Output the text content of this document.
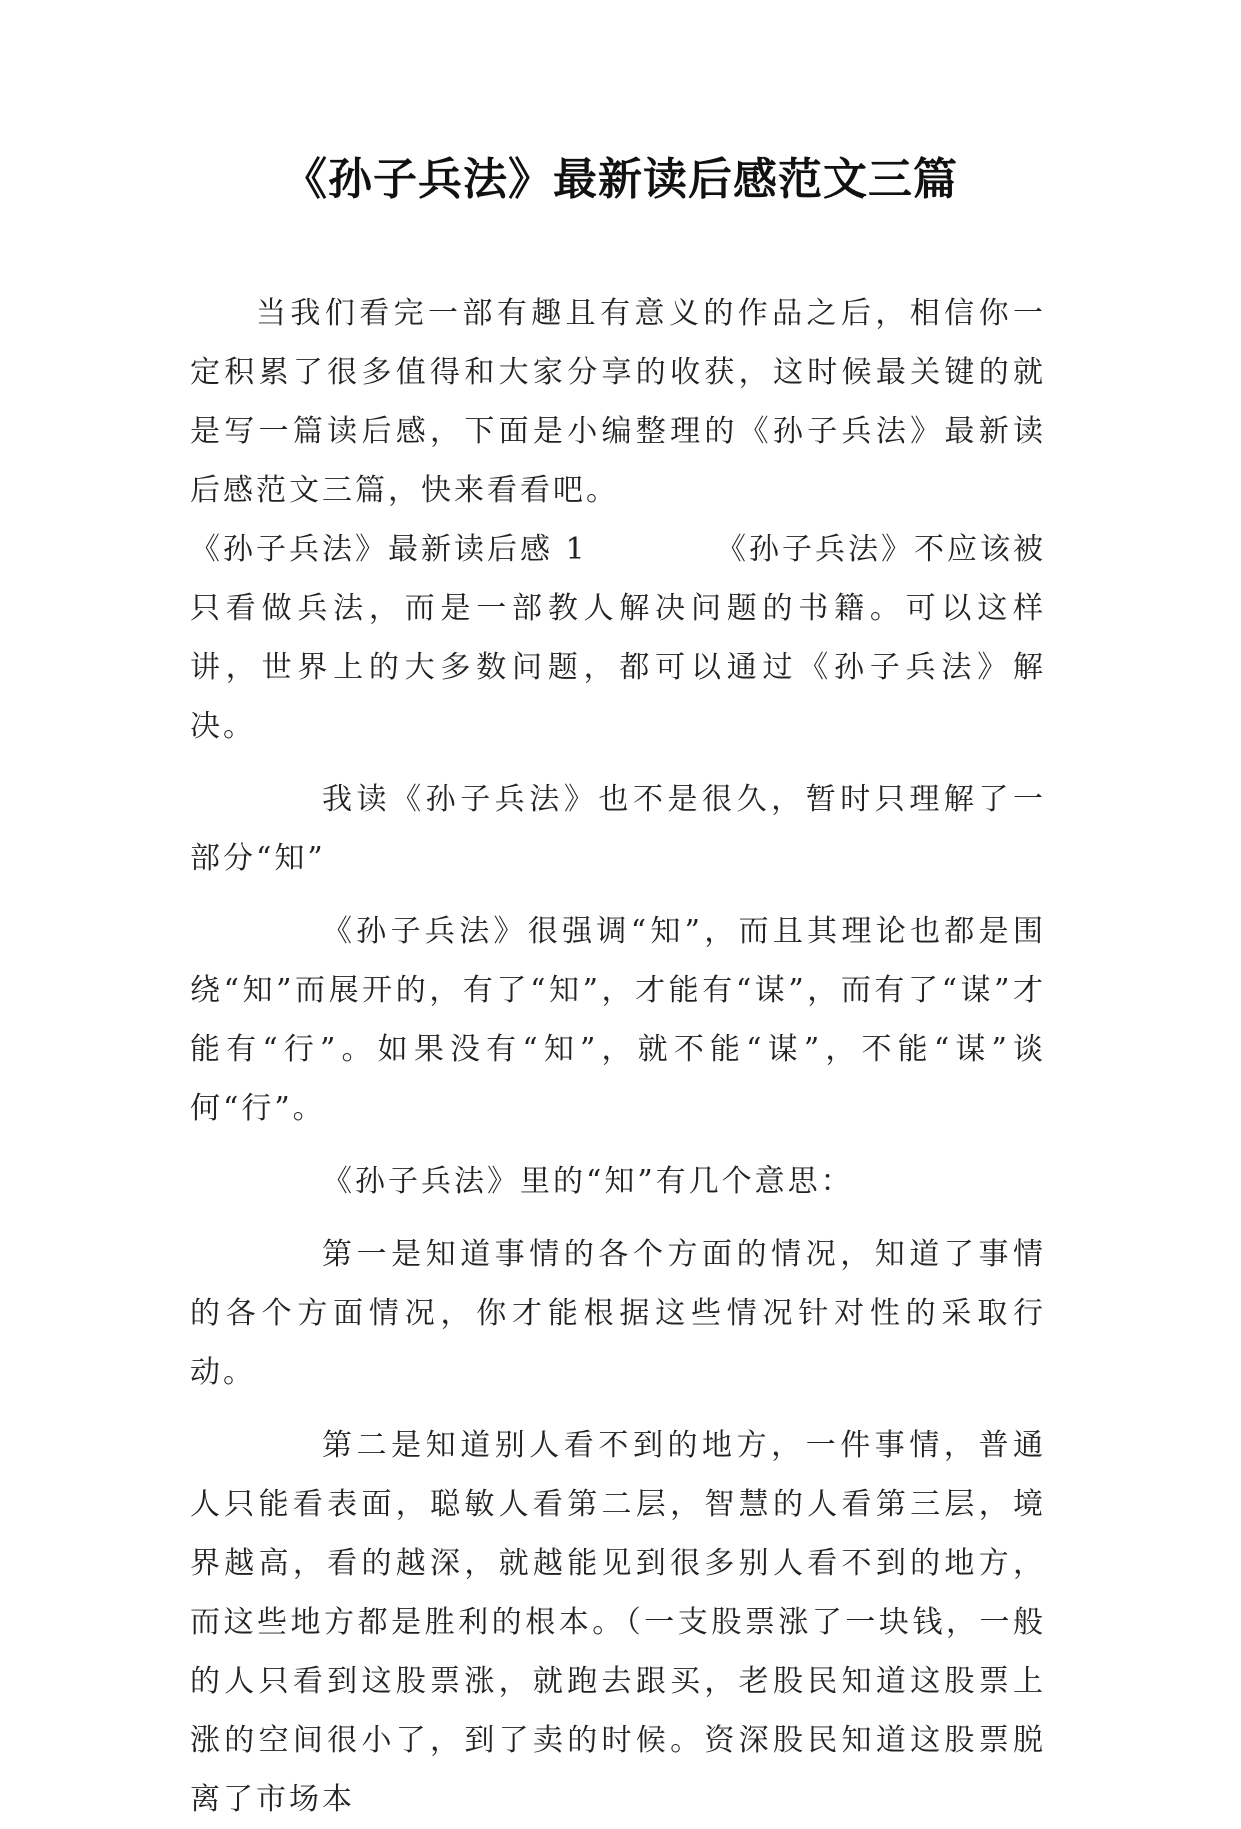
《孙子兵法》最新读后感范文三篇

当我们看完一部有趣且有意义的作品之后，相信你一定积累了很多值得和大家分享的收获，这时候最关键的就是写一篇读后感，下面是小编整理的《孙子兵法》最新读后感范文三篇，快来看看吧。

《孙子兵法》最新读后感 1	《孙子兵法》不应该被

只看做兵法，而是一部教人解决问题的书籍。可以这样讲，世界上的大多数问题，都可以通过《孙子兵法》解决。

我读《孙子兵法》也不是很久，暂时只理解了一部分“知”

《孙子兵法》很强调“知”，而且其理论也都是围绕“知”而展开的，有了“知”，才能有“谋”，而有了“谋”才能有“行”。如果没有“知”，就不能“谋”，不能“谋”谈何“行”。

《孙子兵法》里的“知”有几个意思：

第一是知道事情的各个方面的情况，知道了事情的各个方面情况，你才能根据这些情况针对性的采取行动。

第二是知道别人看不到的地方，一件事情，普通人只能看表面，聪敏人看第二层，智慧的人看第三层，境界越高，看的越深，就越能见到很多别人看不到的地方，而这些地方都是胜利的根本。（一支股票涨了一块钱，一般的人只看到这股票涨，就跑去跟买，老股民知道这股票上涨的空间很小了，到了卖的时候。资深股民知道这股票脱离了市场本
